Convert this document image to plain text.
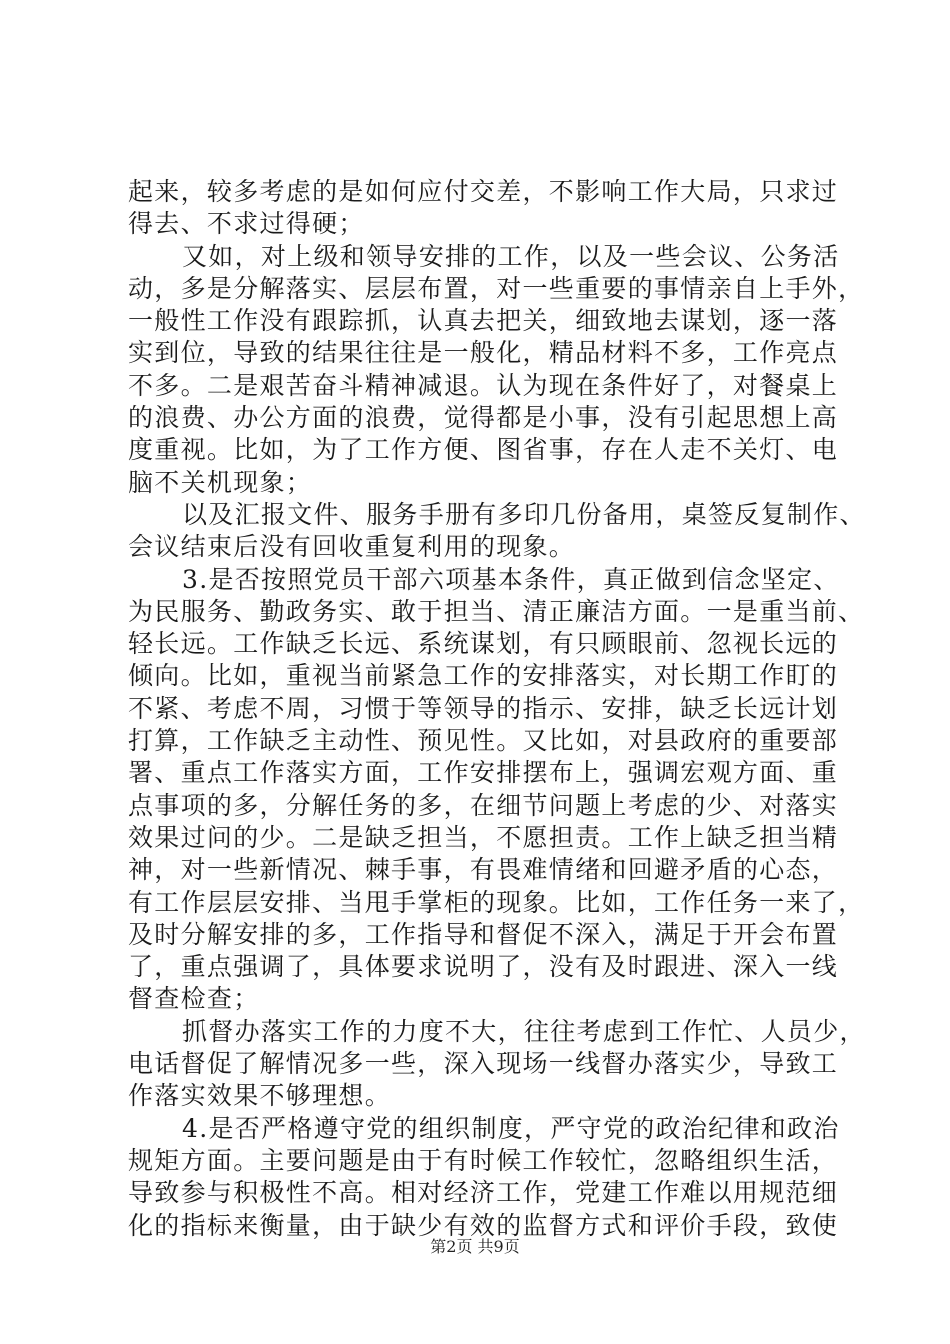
起来，较多考虑的是如何应付交差，不影响工作大局，只求过
得去、不求过得硬；
又如，对上级和领导安排的工作，以及一些会议、公务活
动，多是分解落实、层层布置，对一些重要的事情亲自上手外，
一般性工作没有跟踪抓，认真去把关，细致地去谋划，逐一落
实到位，导致的结果往往是一般化，精品材料不多，工作亮点
不多。二是艰苦奋斗精神减退。认为现在条件好了，对餐桌上
的浪费、办公方面的浪费，觉得都是小事，没有引起思想上高
度重视。比如，为了工作方便、图省事，存在人走不关灯、电
脑不关机现象；
以及汇报文件、服务手册有多印几份备用，桌签反复制作、
会议结束后没有回收重复利用的现象。
3.是否按照党员干部六项基本条件，真正做到信念坚定、
为民服务、勤政务实、敢于担当、清正廉洁方面。一是重当前、
轻长远。工作缺乏长远、系统谋划，有只顾眼前、忽视长远的
倾向。比如，重视当前紧急工作的安排落实，对长期工作盯的
不紧、考虑不周，习惯于等领导的指示、安排，缺乏长远计划
打算，工作缺乏主动性、预见性。又比如，对县政府的重要部
署、重点工作落实方面，工作安排摆布上，强调宏观方面、重
点事项的多，分解任务的多，在细节问题上考虑的少、对落实
效果过问的少。二是缺乏担当，不愿担责。工作上缺乏担当精
神，对一些新情况、棘手事，有畏难情绪和回避矛盾的心态，
有工作层层安排、当甩手掌柜的现象。比如，工作任务一来了，
及时分解安排的多，工作指导和督促不深入，满足于开会布置
了，重点强调了，具体要求说明了，没有及时跟进、深入一线
督查检查；
抓督办落实工作的力度不大，往往考虑到工作忙、人员少，
电话督促了解情况多一些，深入现场一线督办落实少，导致工
作落实效果不够理想。
4.是否严格遵守党的组织制度，严守党的政治纪律和政治
规矩方面。主要问题是由于有时候工作较忙，忽略组织生活，
导致参与积极性不高。相对经济工作，党建工作难以用规范细
化的指标来衡量，由于缺少有效的监督方式和评价手段，致使
第2页 共9页
